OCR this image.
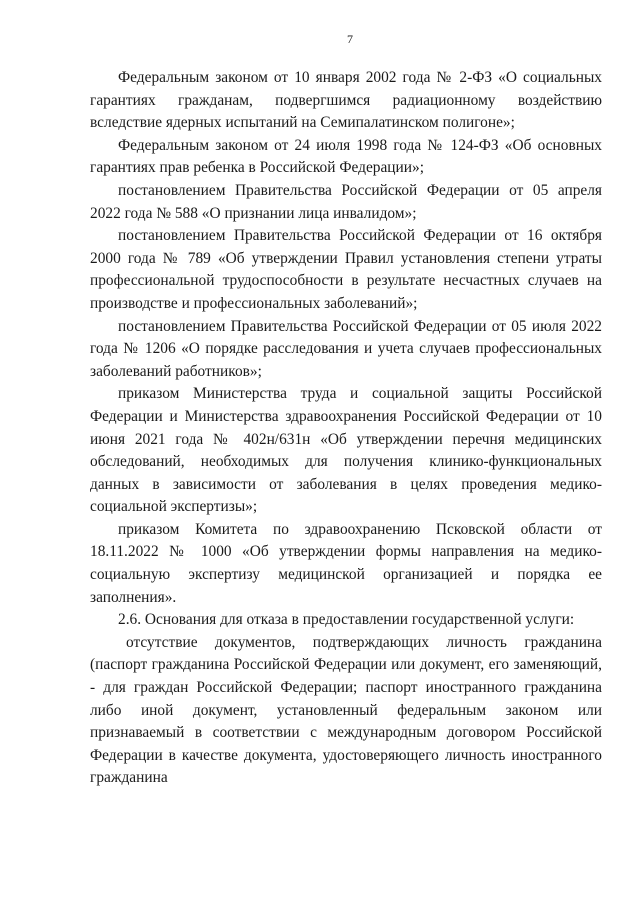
7

Федеральным законом от 10 января 2002 года № 2-ФЗ «О социальных гарантиях гражданам, подвергшимся радиационному воздействию вследствие ядерных испытаний на Семипалатинском полигоне»;

Федеральным законом от 24 июля 1998 года № 124-ФЗ «Об основных гарантиях прав ребенка в Российской Федерации»;

постановлением Правительства Российской Федерации от 05 апреля 2022 года № 588 «О признании лица инвалидом»;

постановлением Правительства Российской Федерации от 16 октября 2000 года № 789 «Об утверждении Правил установления степени утраты профессиональной трудоспособности в результате несчастных случаев на производстве и профессиональных заболеваний»;

постановлением Правительства Российской Федерации от 05 июля 2022 года № 1206 «О порядке расследования и учета случаев профессиональных заболеваний работников»;

приказом Министерства труда и социальной защиты Российской Федерации и Министерства здравоохранения Российской Федерации от 10 июня 2021 года № 402н/631н «Об утверждении перечня медицинских обследований, необходимых для получения клинико-функциональных данных в зависимости от заболевания в целях проведения медико-социальной экспертизы»;

приказом Комитета по здравоохранению Псковской области от 18.11.2022 № 1000 «Об утверждении формы направления на медико-социальную экспертизу медицинской организацией и порядка ее заполнения».

2.6. Основания для отказа в предоставлении государственной услуги:

отсутствие документов, подтверждающих личность гражданина (паспорт гражданина Российской Федерации или документ, его заменяющий, - для граждан Российской Федерации; паспорт иностранного гражданина либо иной документ, установленный федеральным законом или признаваемый в соответствии с международным договором Российской Федерации в качестве документа, удостоверяющего личность иностранного гражданина
